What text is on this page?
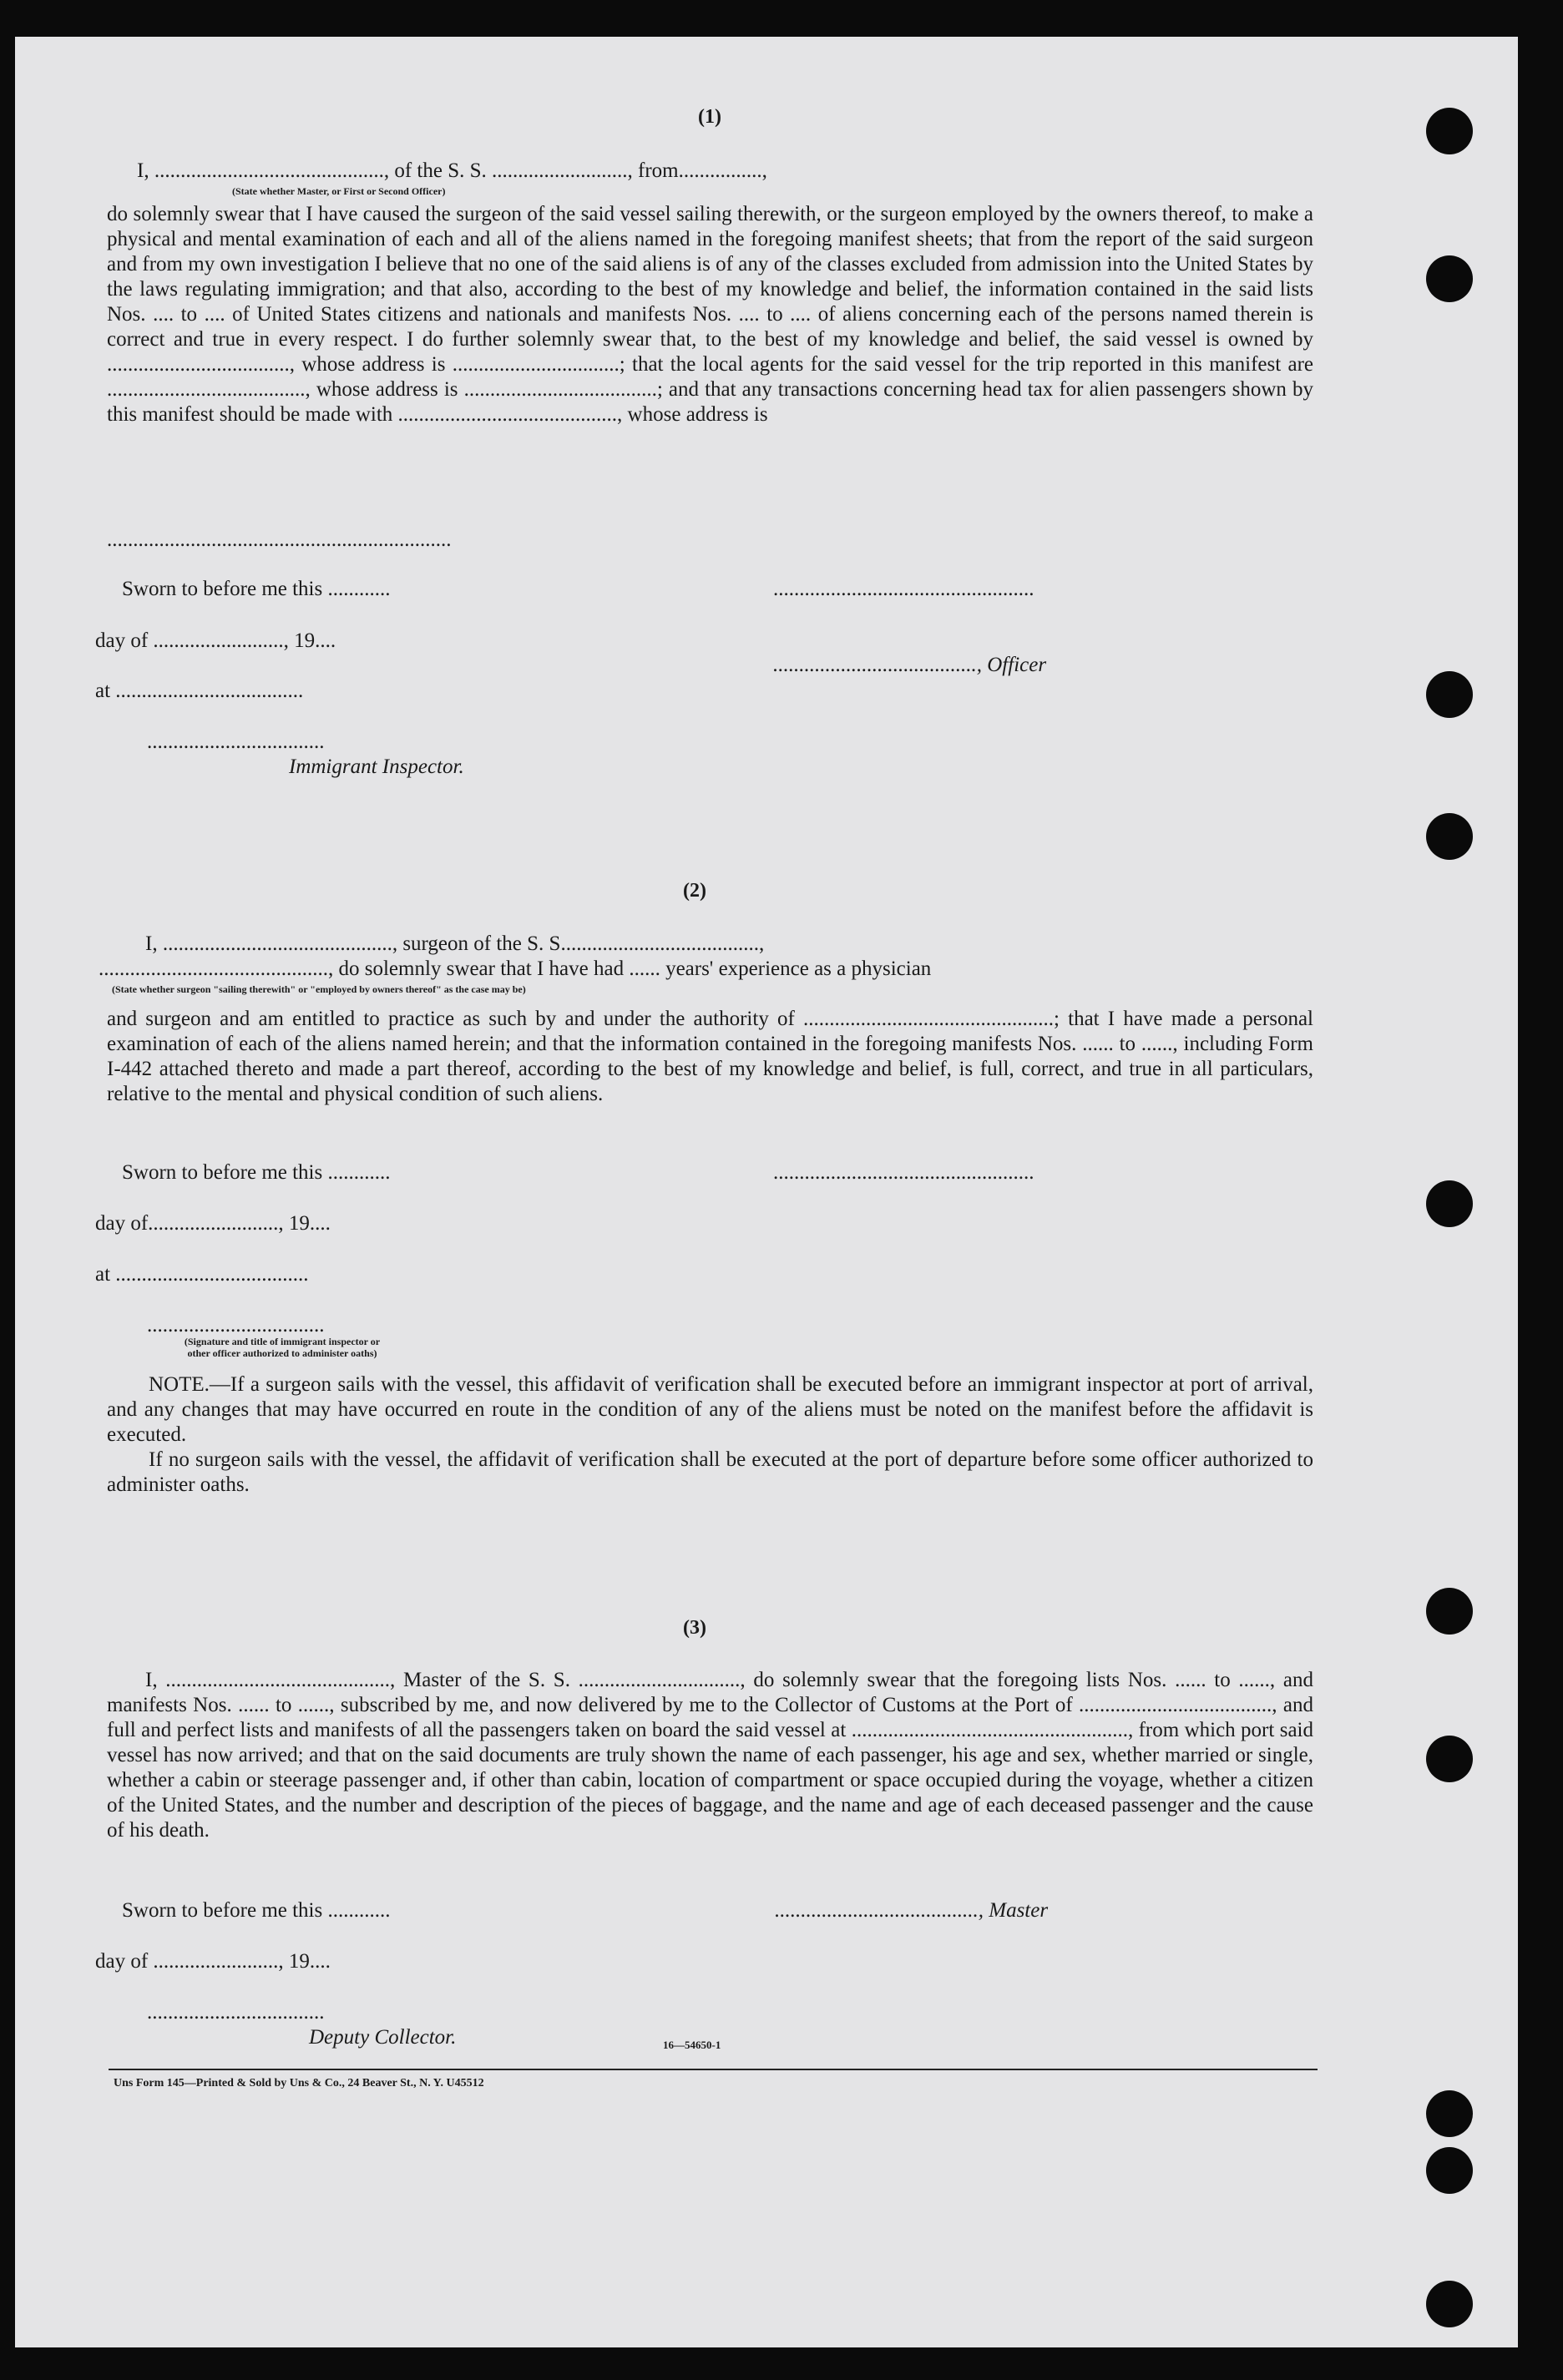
(1)
I, ............................................, of the S. S. .........................., from................,
(State whether Master, or First or Second Officer)
do solemnly swear that I have caused the surgeon of the said vessel sailing therewith, or the surgeon employed by the owners thereof, to make a physical and mental examination of each and all of the aliens named in the foregoing manifest sheets; that from the report of the said surgeon and from my own investigation I believe that no one of the said aliens is of any of the classes excluded from admission into the United States by the laws regulating immigration; and that also, according to the best of my knowledge and belief, the information contained in the said lists Nos. .... to .... of United States citizens and nationals and manifests Nos. .... to .... of aliens concerning each of the persons named therein is correct and true in every respect. I do further solemnly swear that, to the best of my knowledge and belief, the said vessel is owned by ..................................., whose address is ................................; that the local agents for the said vessel for the trip reported in this manifest are ......................................, whose address is .....................................; and that any transactions concerning head tax for alien passengers shown by this manifest should be made with .........................................., whose address is
..................................................................
Sworn to before me this ............	..................................................
day of ........................., 19....
......................................., Officer
at ....................................
..................................
Immigrant Inspector.
(2)
I, ............................................, surgeon of the S. S......................................,
............................................, do solemnly swear that I have had ...... years' experience as a physician
(State whether surgeon "sailing therewith" or "employed by owners thereof" as the case may be)
and surgeon and am entitled to practice as such by and under the authority of ................................................; that I have made a personal examination of each of the aliens named herein; and that the information contained in the foregoing manifests Nos. ...... to ......, including Form I-442 attached thereto and made a part thereof, according to the best of my knowledge and belief, is full, correct, and true in all particulars, relative to the mental and physical condition of such aliens.
Sworn to before me this ............	..................................................
day of........................., 19....
at .....................................
..................................
(Signature and title of immigrant inspector or
other officer authorized to administer oaths)
NOTE.—If a surgeon sails with the vessel, this affidavit of verification shall be executed before an immigrant inspector at port of arrival, and any changes that may have occurred en route in the condition of any of the aliens must be noted on the manifest before the affidavit is executed.
If no surgeon sails with the vessel, the affidavit of verification shall be executed at the port of departure before some officer authorized to administer oaths.
(3)
I, ..........................................., Master of the S. S. ..............................., do solemnly swear that the foregoing lists Nos. ...... to ......, and manifests Nos. ...... to ......, subscribed by me, and now delivered by me to the Collector of Customs at the Port of ....................................., and full and perfect lists and manifests of all the passengers taken on board the said vessel at ....................................................., from which port said vessel has now arrived; and that on the said documents are truly shown the name of each passenger, his age and sex, whether married or single, whether a cabin or steerage passenger and, if other than cabin, location of compartment or space occupied during the voyage, whether a citizen of the United States, and the number and description of the pieces of baggage, and the name and age of each deceased passenger and the cause of his death.
Sworn to before me this ............	......................................., Master
day of ........................, 19....
..................................
Deputy Collector.	16—54650-1
Uns Form 145—Printed & Sold by Uns & Co., 24 Beaver St., N. Y. U45512
